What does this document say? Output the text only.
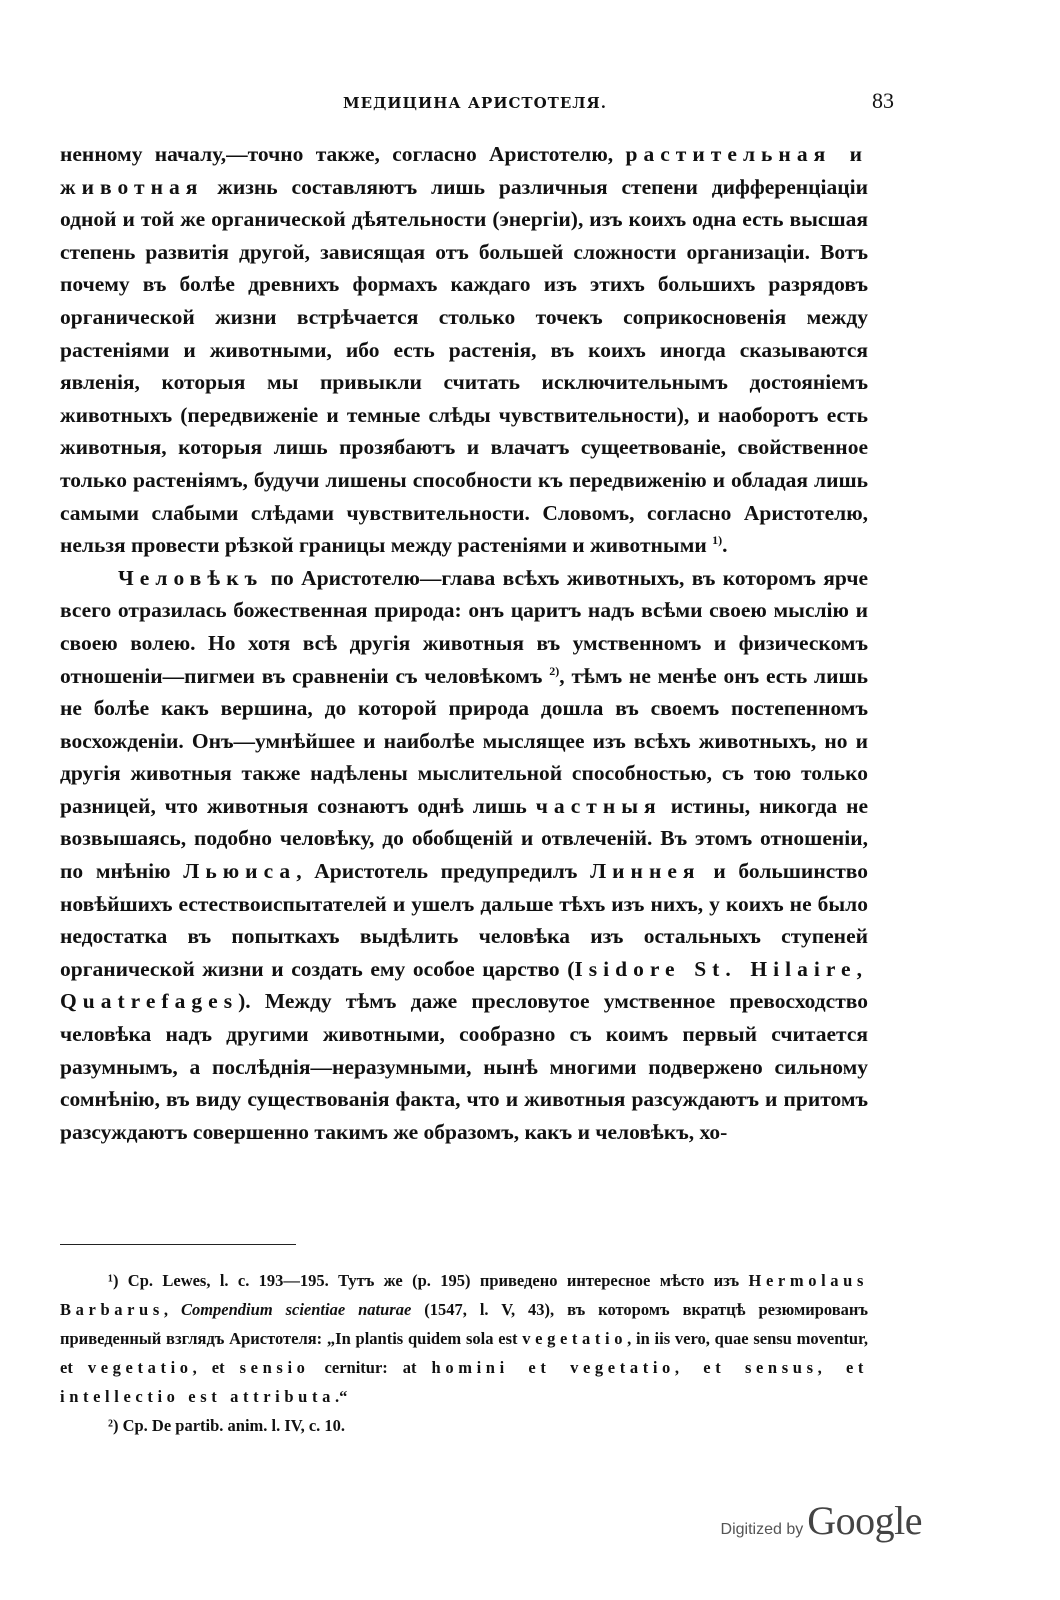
МЕДИЦИНА АРИСТОТЕЛЯ.	83

ненному началу,—точно также, согласно Аристотелю, растительная и животная жизнь составляютъ лишь различныя степени дифференціаціи одной и той же органической дѣятельности (энергіи), изъ коихъ одна есть высшая степень развитія другой, зависящая отъ большей сложности организаціи. Вотъ почему въ болѣе древнихъ формахъ каждаго изъ этихъ большихъ разрядовъ органической жизни встрѣчается столько точекъ соприкосновенія между растеніями и животными, ибо есть растенія, въ коихъ иногда сказываются явленія, которыя мы привыкли считать исключительнымъ достояніемъ животныхъ (передвиженіе и темные слѣды чувствительности), и наоборотъ есть животныя, которыя лишь прозябаютъ и влачатъ сущеетвованіе, свойственное только растеніямъ, будучи лишены способности къ передвиженію и обладая лишь самыми слабыми слѣдами чувствительности. Словомъ, согласно Аристотелю, нельзя провести рѣзкой границы между растеніями и животными $^{1)}$.

Человѣкъ по Аристотелю—глава всѣхъ животныхъ, въ которомъ ярче всего отразилась божественная природа: онъ царитъ надъ всѣми своею мыслію и своею волею. Но хотя всѣ другія животныя въ умственномъ и физическомъ отношеніи—пигмеи въ сравненіи съ человѣкомъ $^{2)}$, тѣмъ не менѣе онъ есть лишь не болѣе какъ вершина, до которой природа дошла въ своемъ постепенномъ восхожденіи. Онъ—умнѣйшее и наиболѣе мыслящее изъ всѣхъ животныхъ, но и другія животныя также надѣлены мыслительной способностью, съ тою только разницей, что животныя сознаютъ однѣ лишь частныя истины, никогда не возвышаясь, подобно человѣку, до обобщеній и отвлеченій. Въ этомъ отношеніи, по мнѣнію Льюиса, Аристотель предупредилъ Линнея и большинство новѣйшихъ естествоиспытателей и ушелъ дальше тѣхъ изъ нихъ, у коихъ не было недостатка въ попыткахъ выдѣлить человѣка изъ остальныхъ ступеней органической жизни и создать ему особое царство (Isidore St. Hilaire, Quatrefages). Между тѣмъ даже пресловутое умственное превосходство человѣка надъ другими животными, сообразно съ коимъ первый считается разумнымъ, а послѣднія—неразумными, нынѣ многими подвержено сильному сомнѣнію, въ виду существованія факта, что и животныя разсуждаютъ и притомъ разсуждаютъ совершенно такимъ же образомъ, какъ и человѣкъ, хо-

¹) Ср. Lewes, l. c. 193—195. Тутъ же (р. 195) приведено интересное мѣсто изъ Hermolaus Barbarus, Compendium scientiae naturae (1547, l. V, 43), въ которомъ вкратцѣ резюмированъ приведенный взглядъ Аристотеля: „In plantis quidem sola est vegetatio, in iis vero, quae sensu moventur, et vegetatio, et sensio cernitur: at homini et vegetatio, et sensus, et intellectio est attributa.“

²) Ср. De partib. anim. l. IV, c. 10.

Digitized by Google
